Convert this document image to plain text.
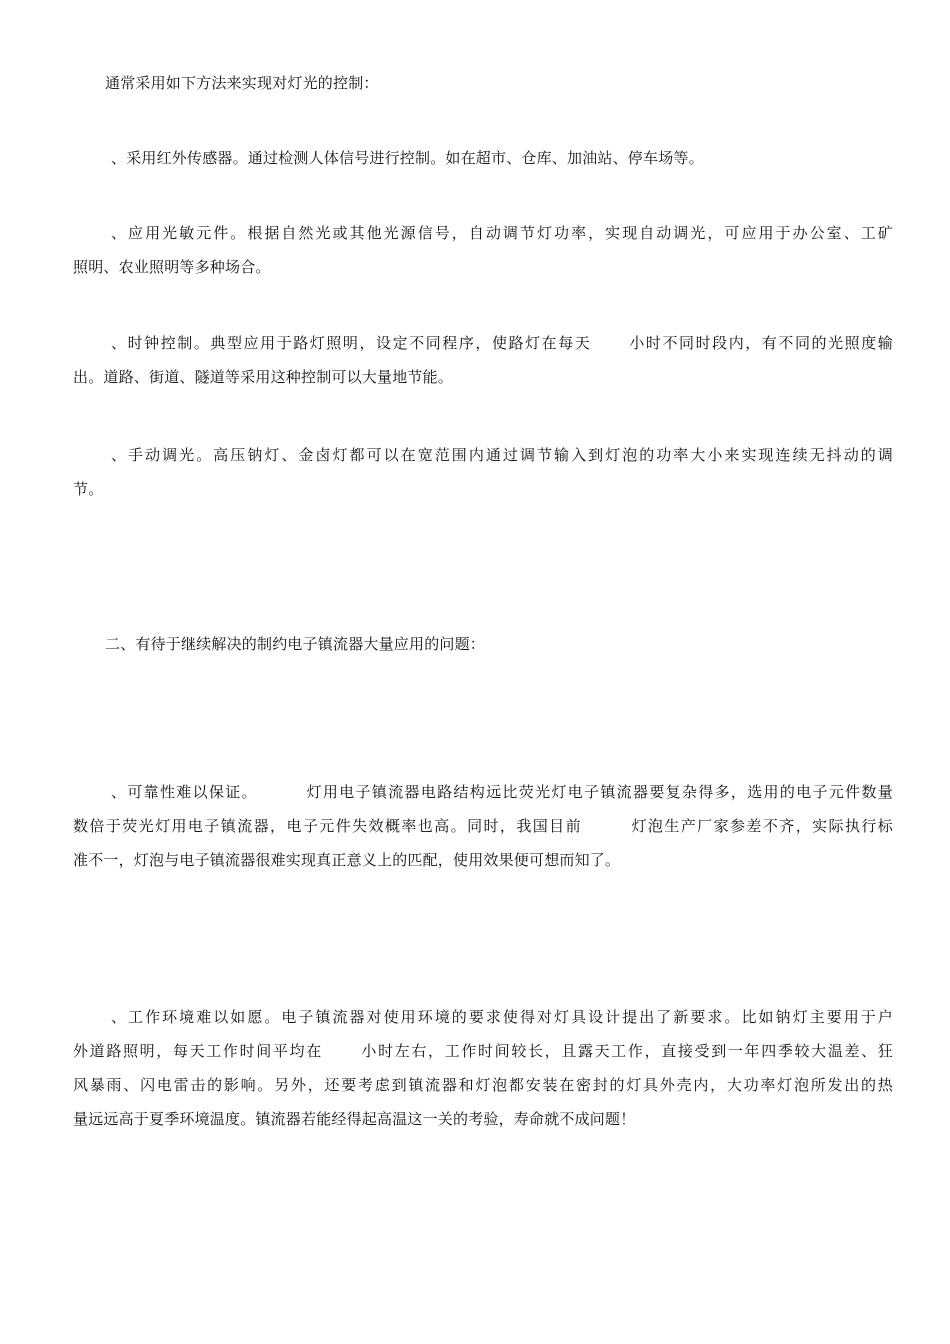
通常采用如下方法来实现对灯光的控制：

、采用红外传感器。通过检测人体信号进行控制。如在超市、仓库、加油站、停车场等。

、应用光敏元件。根据自然光或其他光源信号，自动调节灯功率，实现自动调光，可应用于办公室、工矿
照明、农业照明等多种场合。

、时钟控制。典型应用于路灯照明，设定不同程序，使路灯在每天      小时不同时段内，有不同的光照度输
出。道路、街道、隧道等采用这种控制可以大量地节能。

、手动调光。高压钠灯、金卤灯都可以在宽范围内通过调节输入到灯泡的功率大小来实现连续无抖动的调
节。

二、有待于继续解决的制约电子镇流器大量应用的问题：

、可靠性难以保证。        灯用电子镇流器电路结构远比荧光灯电子镇流器要复杂得多，选用的电子元件数量
数倍于荧光灯用电子镇流器，电子元件失效概率也高。同时，我国目前        灯泡生产厂家参差不齐，实际执行标
准不一，灯泡与电子镇流器很难实现真正意义上的匹配，使用效果便可想而知了。

、工作环境难以如愿。电子镇流器对使用环境的要求使得对灯具设计提出了新要求。比如钠灯主要用于户
外道路照明，每天工作时间平均在      小时左右，工作时间较长，且露天工作，直接受到一年四季较大温差、狂
风暴雨、闪电雷击的影响。另外，还要考虑到镇流器和灯泡都安装在密封的灯具外壳内，大功率灯泡所发出的热
量远远高于夏季环境温度。镇流器若能经得起高温这一关的考验，寿命就不成问题！
